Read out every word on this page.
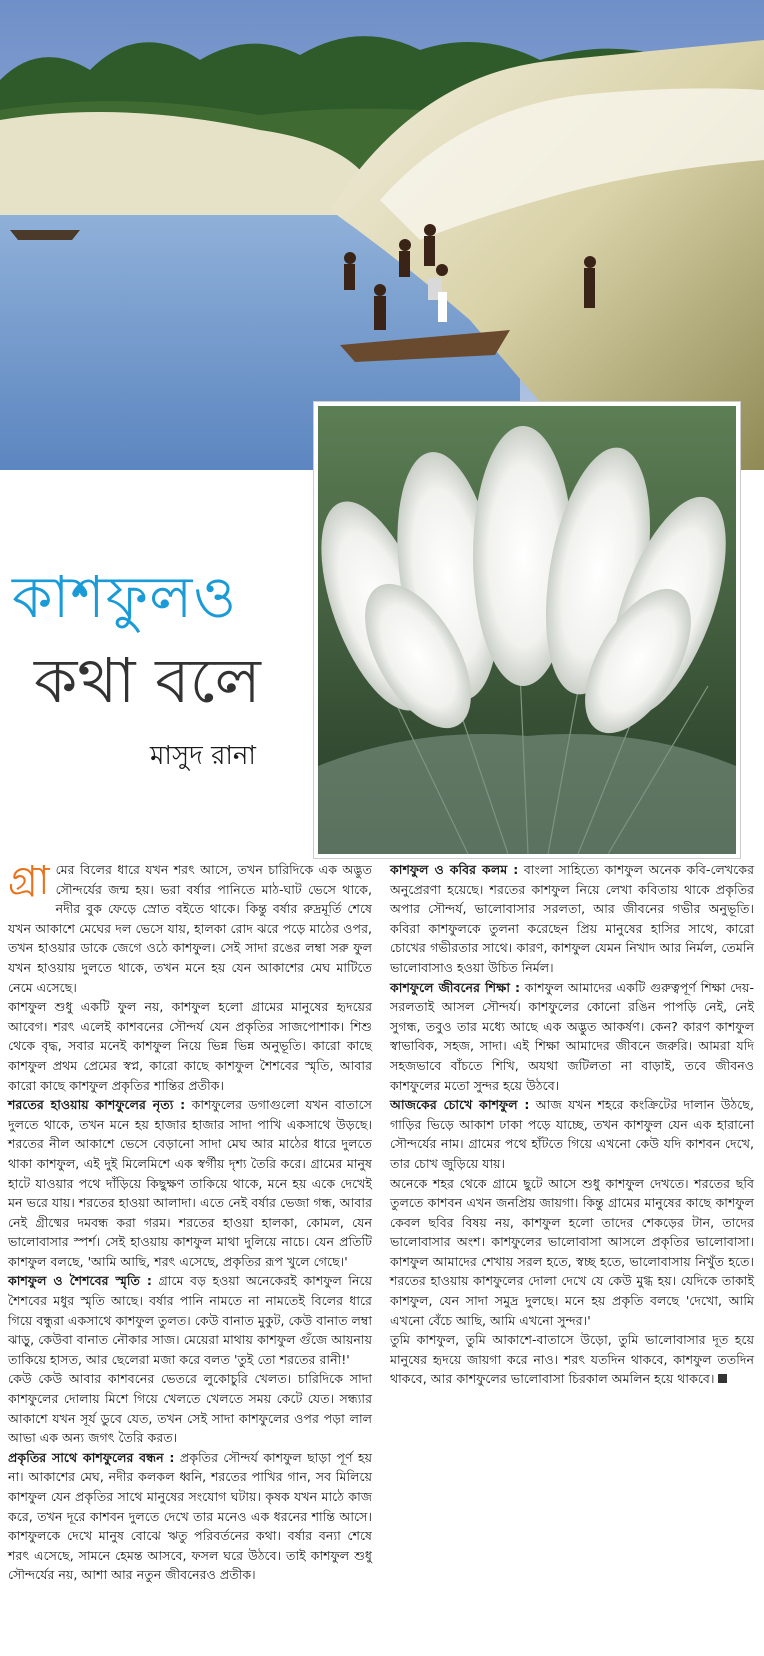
কাশফুলও
কথা বলে
মাসুদ রানা

গ্রা মের বিলের ধারে যখন শরৎ আসে, তখন চারিদিকে এক অদ্ভুত সৌন্দর্যের জন্ম হয়। ভরা বর্ষার পানিতে মাঠ-ঘাট ভেসে থাকে, নদীর বুক ফেড়ে স্রোত বইতে থাকে। কিন্তু বর্ষার রুদ্রমূর্তি শেষে যখন আকাশে মেঘের দল ভেসে যায়, হালকা রোদ ঝরে পড়ে মাঠের ওপর, তখন হাওয়ার ডাকে জেগে ওঠে কাশফুল। সেই সাদা রঙের লম্বা সরু ফুল যখন হাওয়ায় দুলতে থাকে, তখন মনে হয় যেন আকাশের মেঘ মাটিতে নেমে এসেছে।

কাশফুল শুধু একটি ফুল নয়, কাশফুল হলো গ্রামের মানুষের হৃদয়ের আবেগ। শরৎ এলেই কাশবনের সৌন্দর্য যেন প্রকৃতির সাজপোশাক। শিশু থেকে বৃদ্ধ, সবার মনেই কাশফুল নিয়ে ভিন্ন ভিন্ন অনুভূতি। কারো কাছে কাশফুল প্রথম প্রেমের স্বপ্ন, কারো কাছে কাশফুল শৈশবের স্মৃতি, আবার কারো কাছে কাশফুল প্রকৃতির শান্তির প্রতীক।

শরতের হাওয়ায় কাশফুলের নৃত্য : কাশফুলের ডগাগুলো যখন বাতাসে দুলতে থাকে, তখন মনে হয় হাজার হাজার সাদা পাখি একসাথে উড়ছে। শরতের নীল আকাশে ভেসে বেড়ানো সাদা মেঘ আর মাঠের ধারে দুলতে থাকা কাশফুল, এই দুই মিলেমিশে এক স্বর্গীয় দৃশ্য তৈরি করে। গ্রামের মানুষ হাটে যাওয়ার পথে দাঁড়িয়ে কিছুক্ষণ তাকিয়ে থাকে, মনে হয় একে দেখেই মন ভরে যায়। শরতের হাওয়া আলাদা। এতে নেই বর্ষার ভেজা গন্ধ, আবার নেই গ্রীষ্মের দমবন্ধ করা গরম। শরতের হাওয়া হালকা, কোমল, যেন ভালোবাসার স্পর্শ। সেই হাওয়ায় কাশফুল মাথা দুলিয়ে নাচে। যেন প্রতিটি কাশফুল বলছে, 'আমি আছি, শরৎ এসেছে, প্রকৃতির রূপ খুলে গেছে।'

কাশফুল ও শৈশবের স্মৃতি : গ্রামে বড় হওয়া অনেকেরই কাশফুল নিয়ে শৈশবের মধুর স্মৃতি আছে। বর্ষার পানি নামতে না নামতেই বিলের ধারে গিয়ে বন্ধুরা একসাথে কাশফুল তুলত। কেউ বানাত মুকুট, কেউ বানাত লম্বা ঝাড়ু, কেউবা বানাত নৌকার সাজ। মেয়েরা মাথায় কাশফুল গুঁজে আয়নায় তাকিয়ে হাসত, আর ছেলেরা মজা করে বলত 'তুই তো শরতের রানী!'

কেউ কেউ আবার কাশবনের ভেতরে লুকোচুরি খেলত। চারিদিকে সাদা কাশফুলের দোলায় মিশে গিয়ে খেলতে খেলতে সময় কেটে যেত। সন্ধ্যার আকাশে যখন সূর্য ডুবে যেত, তখন সেই সাদা কাশফুলের ওপর পড়া লাল আভা এক অন্য জগৎ তৈরি করত।

প্রকৃতির সাথে কাশফুলের বন্ধন : প্রকৃতির সৌন্দর্য কাশফুল ছাড়া পূর্ণ হয় না। আকাশের মেঘ, নদীর কলকল ধ্বনি, শরতের পাখির গান, সব মিলিয়ে কাশফুল যেন প্রকৃতির সাথে মানুষের সংযোগ ঘটায়। কৃষক যখন মাঠে কাজ করে, তখন দূরে কাশবন দুলতে দেখে তার মনেও এক ধরনের শান্তি আসে। কাশফুলকে দেখে মানুষ বোঝে ঋতু পরিবর্তনের কথা। বর্ষার বন্যা শেষে শরৎ এসেছে, সামনে হেমন্ত আসবে, ফসল ঘরে উঠবে। তাই কাশফুল শুধু সৌন্দর্যের নয়, আশা আর নতুন জীবনেরও প্রতীক।

কাশফুল ও কবির কলম : বাংলা সাহিত্যে কাশফুল অনেক কবি-লেখকের অনুপ্রেরণা হয়েছে। শরতের কাশফুল নিয়ে লেখা কবিতায় থাকে প্রকৃতির অপার সৌন্দর্য, ভালোবাসার সরলতা, আর জীবনের গভীর অনুভূতি। কবিরা কাশফুলকে তুলনা করেছেন প্রিয় মানুষের হাসির সাথে, কারো চোখের গভীরতার সাথে। কারণ, কাশফুল যেমন নিখাদ আর নির্মল, তেমনি ভালোবাসাও হওয়া উচিত নির্মল।

কাশফুলে জীবনের শিক্ষা : কাশফুল আমাদের একটি গুরুত্বপূর্ণ শিক্ষা দেয়- সরলতাই আসল সৌন্দর্য। কাশফুলের কোনো রঙিন পাপড়ি নেই, নেই সুগন্ধ, তবুও তার মধ্যে আছে এক অদ্ভুত আকর্ষণ। কেন? কারণ কাশফুল স্বাভাবিক, সহজ, সাদা। এই শিক্ষা আমাদের জীবনে জরুরি। আমরা যদি সহজভাবে বাঁচতে শিখি, অযথা জটিলতা না বাড়াই, তবে জীবনও কাশফুলের মতো সুন্দর হয়ে উঠবে।

আজকের চোখে কাশফুল : আজ যখন শহরে কংক্রিটের দালান উঠছে, গাড়ির ভিড়ে আকাশ ঢাকা পড়ে যাচ্ছে, তখন কাশফুল যেন এক হারানো সৌন্দর্যের নাম। গ্রামের পথে হাঁটতে গিয়ে এখনো কেউ যদি কাশবন দেখে, তার চোখ জুড়িয়ে যায়।

অনেকে শহর থেকে গ্রামে ছুটে আসে শুধু কাশফুল দেখতে। শরতের ছবি তুলতে কাশবন এখন জনপ্রিয় জায়গা। কিন্তু গ্রামের মানুষের কাছে কাশফুল কেবল ছবির বিষয় নয়, কাশফুল হলো তাদের শেকড়ের টান, তাদের ভালোবাসার অংশ। কাশফুলের ভালোবাসা আসলে প্রকৃতির ভালোবাসা। কাশফুল আমাদের শেখায় সরল হতে, স্বচ্ছ হতে, ভালোবাসায় নিখুঁত হতে। শরতের হাওয়ায় কাশফুলের দোলা দেখে যে কেউ মুগ্ধ হয়। যেদিকে তাকাই কাশফুল, যেন সাদা সমুদ্র দুলছে। মনে হয় প্রকৃতি বলছে 'দেখো, আমি এখনো বেঁচে আছি, আমি এখনো সুন্দর।'

তুমি কাশফুল, তুমি আকাশে-বাতাসে উড়ো, তুমি ভালোবাসার দূত হয়ে মানুষের হৃদয়ে জায়গা করে নাও। শরৎ যতদিন থাকবে, কাশফুল ততদিন থাকবে, আর কাশফুলের ভালোবাসা চিরকাল অমলিন হয়ে থাকবে।
